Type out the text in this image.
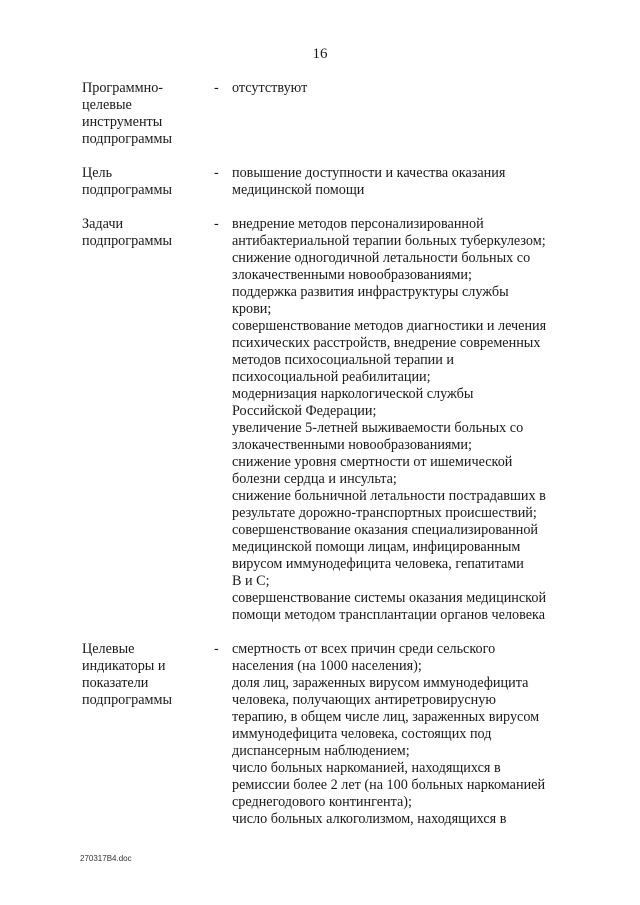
16
Программно-
целевые
инструменты
подпрограммы
- отсутствуют
Цель
подпрограммы
- повышение доступности и качества оказания
медицинской помощи
Задачи
подпрограммы
- внедрение методов персонализированной
антибактериальной терапии больных туберкулезом;
снижение одногодичной летальности больных со
злокачественными новообразованиями;
поддержка развития инфраструктуры службы
крови;
совершенствование методов диагностики и лечения
психических расстройств, внедрение современных
методов психосоциальной терапии и
психосоциальной реабилитации;
модернизация наркологической службы
Российской Федерации;
увеличение 5-летней выживаемости больных со
злокачественными новообразованиями;
снижение уровня смертности от ишемической
болезни сердца и инсульта;
снижение больничной летальности пострадавших в
результате дорожно-транспортных происшествий;
совершенствование оказания специализированной
медицинской помощи лицам, инфицированным
вирусом иммунодефицита человека, гепатитами
В и С;
совершенствование системы оказания медицинской
помощи методом трансплантации органов человека
Целевые
индикаторы и
показатели
подпрограммы
- смертность от всех причин среди сельского
населения (на 1000 населения);
доля лиц, зараженных вирусом иммунодефицита
человека, получающих антиретровирусную
терапию, в общем числе лиц, зараженных вирусом
иммунодефицита человека, состоящих под
диспансерным наблюдением;
число больных наркоманией, находящихся в
ремиссии более 2 лет (на 100 больных наркоманией
среднегодового контингента);
число больных алкоголизмом, находящихся в
270317В4.doc
